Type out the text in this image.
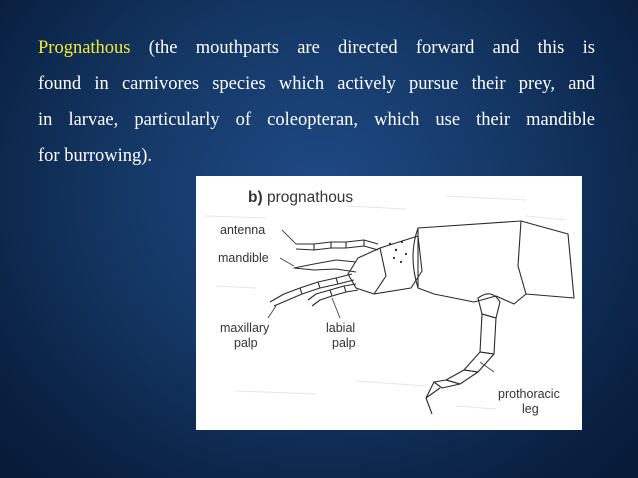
Prognathous (the mouthparts are directed forward and this is
found in carnivores species which actively pursue their prey, and
in larvae, particularly of coleopteran, which use their mandible
for
burrowing).
b) prognathous
antenna
mandible
maxillary
palp
labial
palp
prothoracic
leg
